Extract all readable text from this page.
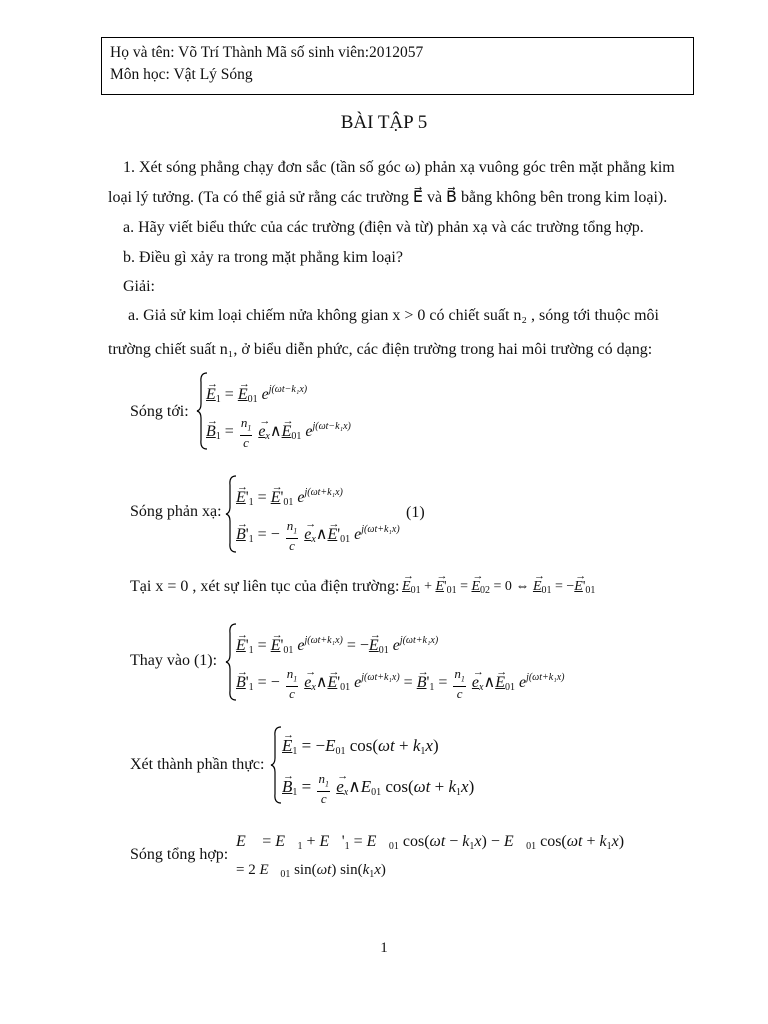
Họ và tên: Võ Trí Thành Mã số sinh viên:2012057
Môn học: Vật Lý Sóng
BÀI TẬP 5
1. Xét sóng phẳng chạy đơn sắc (tần số góc ω) phản xạ vuông góc trên mặt phẳng kim
loại lý tưởng. (Ta có thể giả sử rằng các trường E⃗ và B⃗ bằng không bên trong kim loại).
a. Hãy viết biểu thức của các trường (điện và từ) phản xạ và các trường tổng hợp.
b. Điều gì xảy ra trong mặt phẳng kim loại?
Giải:
a. Giả sử kim loại chiếm nửa không gian x > 0 có chiết suất n₂ , sóng tới thuộc môi
trường chiết suất n₁, ở biểu diễn phức, các điện trường trong hai môi trường có dạng:
Sóng tới:
→ $E_1$ = → $E_{01}$ $e^{j(\omega t-k_1x)}$
→ $B_1 = \frac{n_1}{c}$ → ex∧→ $E_{01}$ $e^{j(\omega t-k_1x)}$
Sóng phản xạ:
→ $E'_1$ = → $E'_{01}$ $e^{j(\omega t+k_1x)}$
→ $B'_1$ = − $\frac{n_1}{c}$ → ex∧→ $E'_{01}$ $e^{j(\omega t+k_1x)}$
(1)
Tại x = 0 , xét sự liên tục của điện trường: → $E_{01}$ + → $E'_{01}$ = → $E_{02} = 0$ ⇔ → $E_{01}$ = −→ $E'_{01}$
Thay vào (1):
→ $E'_1$ = → $E'_{01}$ $e^{j(\omega t+k_1x)}$ = −→ $E_{01}$ $e^{j(\omega t+k_1x)}$
→ $B'_1$ = − $\frac{n_1}{c}$ → ex∧→ $E'_{01}$ $e^{j(\omega t+k_1x)}$ = → $B'_1 = \frac{n_1}{c}$ → ex∧→ $E_{01}$ $e^{j(\omega t+k_1x)}$
Xét thành phần thực:
→ $E_1 = -E_{01}$ $\cos(\omega t + k_1x)$
→ $B_1 = \frac{n_1}{c}$ → $ex\wedge E_{01}$ $\cos(\omega t + k_1x)$
Sóng tổng hợp:
E⃗ = $E⃗_1$ + $E⃗'_1$ = $E⃗_{01}$ $\cos(\omega t - k_1x)$ − $E⃗_{01}$ $\cos(\omega t + k_1x)$
= 2 $E⃗_{01}$ sin(ωt) $\sin(k_1x)$
1
